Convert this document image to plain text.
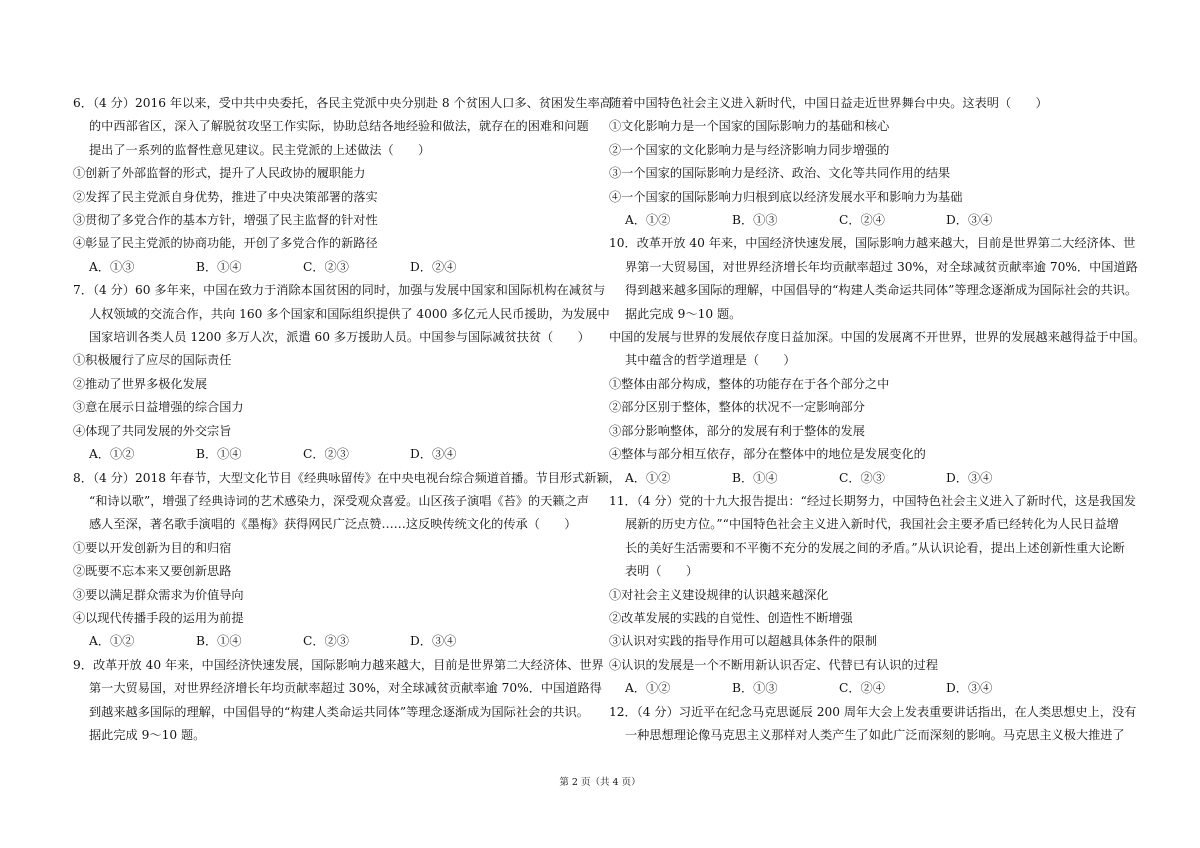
6．（4 分）2016 年以来，受中共中央委托，各民主党派中央分别赴 8 个贫困人口多、贫困发生率高
的中西部省区，深入了解脱贫攻坚工作实际，协助总结各地经验和做法，就存在的困难和问题
提出了一系列的监督性意见建议。民主党派的上述做法（　　）
①创新了外部监督的形式，提升了人民政协的履职能力
②发挥了民主党派自身优势，推进了中央决策部署的落实
③贯彻了多党合作的基本方针，增强了民主监督的针对性
④彰显了民主党派的协商功能，开创了多党合作的新路径
A．①③	B．①④	C．②③	D．②④
7．（4 分）60 多年来，中国在致力于消除本国贫困的同时，加强与发展中国家和国际机构在减贫与
人权领域的交流合作，共向 160 多个国家和国际组织提供了 4000 多亿元人民币援助，为发展中
国家培训各类人员 1200 多万人次，派遣 60 多万援助人员。中国参与国际减贫扶贫（　　）
①积极履行了应尽的国际责任
②推动了世界多极化发展
③意在展示日益增强的综合国力
④体现了共同发展的外交宗旨
A．①②	B．①④	C．②③	D．③④
8．（4 分）2018 年春节，大型文化节目《经典咏留传》在中央电视台综合频道首播。节目形式新颖，
“和诗以歌”，增强了经典诗词的艺术感染力，深受观众喜爱。山区孩子演唱《苔》的天籁之声
感人至深，著名歌手演唱的《墨梅》获得网民广泛点赞……这反映传统文化的传承（　　）
①要以开发创新为目的和归宿
②既要不忘本来又要创新思路
③要以满足群众需求为价值导向
④以现代传播手段的运用为前提
A．①②	B．①④	C．②③	D．③④
9．改革开放 40 年来，中国经济快速发展，国际影响力越来越大，目前是世界第二大经济体、世界
第一大贸易国，对世界经济增长年均贡献率超过 30%，对全球减贫贡献率逾 70%．中国道路得
到越来越多国际的理解，中国倡导的“构建人类命运共同体”等理念逐渐成为国际社会的共识。
据此完成 9～10 题。
随着中国特色社会主义进入新时代，中国日益走近世界舞台中央。这表明（　　）
①文化影响力是一个国家的国际影响力的基础和核心
②一个国家的文化影响力是与经济影响力同步增强的
③一个国家的国际影响力是经济、政治、文化等共同作用的结果
④一个国家的国际影响力归根到底以经济发展水平和影响力为基础
A．①②	B．①③	C．②④	D．③④
10．改革开放 40 年来，中国经济快速发展，国际影响力越来越大，目前是世界第二大经济体、世
界第一大贸易国，对世界经济增长年均贡献率超过 30%，对全球减贫贡献率逾 70%．中国道路
得到越来越多国际的理解，中国倡导的“构建人类命运共同体”等理念逐渐成为国际社会的共识。
据此完成 9～10 题。
中国的发展与世界的发展依存度日益加深。中国的发展离不开世界，世界的发展越来越得益于中国。
其中蕴含的哲学道理是（　　）
①整体由部分构成，整体的功能存在于各个部分之中
②部分区别于整体，整体的状况不一定影响部分
③部分影响整体，部分的发展有利于整体的发展
④整体与部分相互依存，部分在整体中的地位是发展变化的
A．①②	B．①④	C．②③	D．③④
11．（4 分）党的十九大报告提出：“经过长期努力，中国特色社会主义进入了新时代，这是我国发
展新的历史方位。”“中国特色社会主义进入新时代，我国社会主要矛盾已经转化为人民日益增
长的美好生活需要和不平衡不充分的发展之间的矛盾。”从认识论看，提出上述创新性重大论断
表明（　　）
①对社会主义建设规律的认识越来越深化
②改革发展的实践的自觉性、创造性不断增强
③认识对实践的指导作用可以超越具体条件的限制
④认识的发展是一个不断用新认识否定、代替已有认识的过程
A．①②	B．①③	C．②④	D．③④
12．（4 分）习近平在纪念马克思诞辰 200 周年大会上发表重要讲话指出，在人类思想史上，没有
一种思想理论像马克思主义那样对人类产生了如此广泛而深刻的影响。马克思主义极大推进了
第 2 页（共 4 页）
